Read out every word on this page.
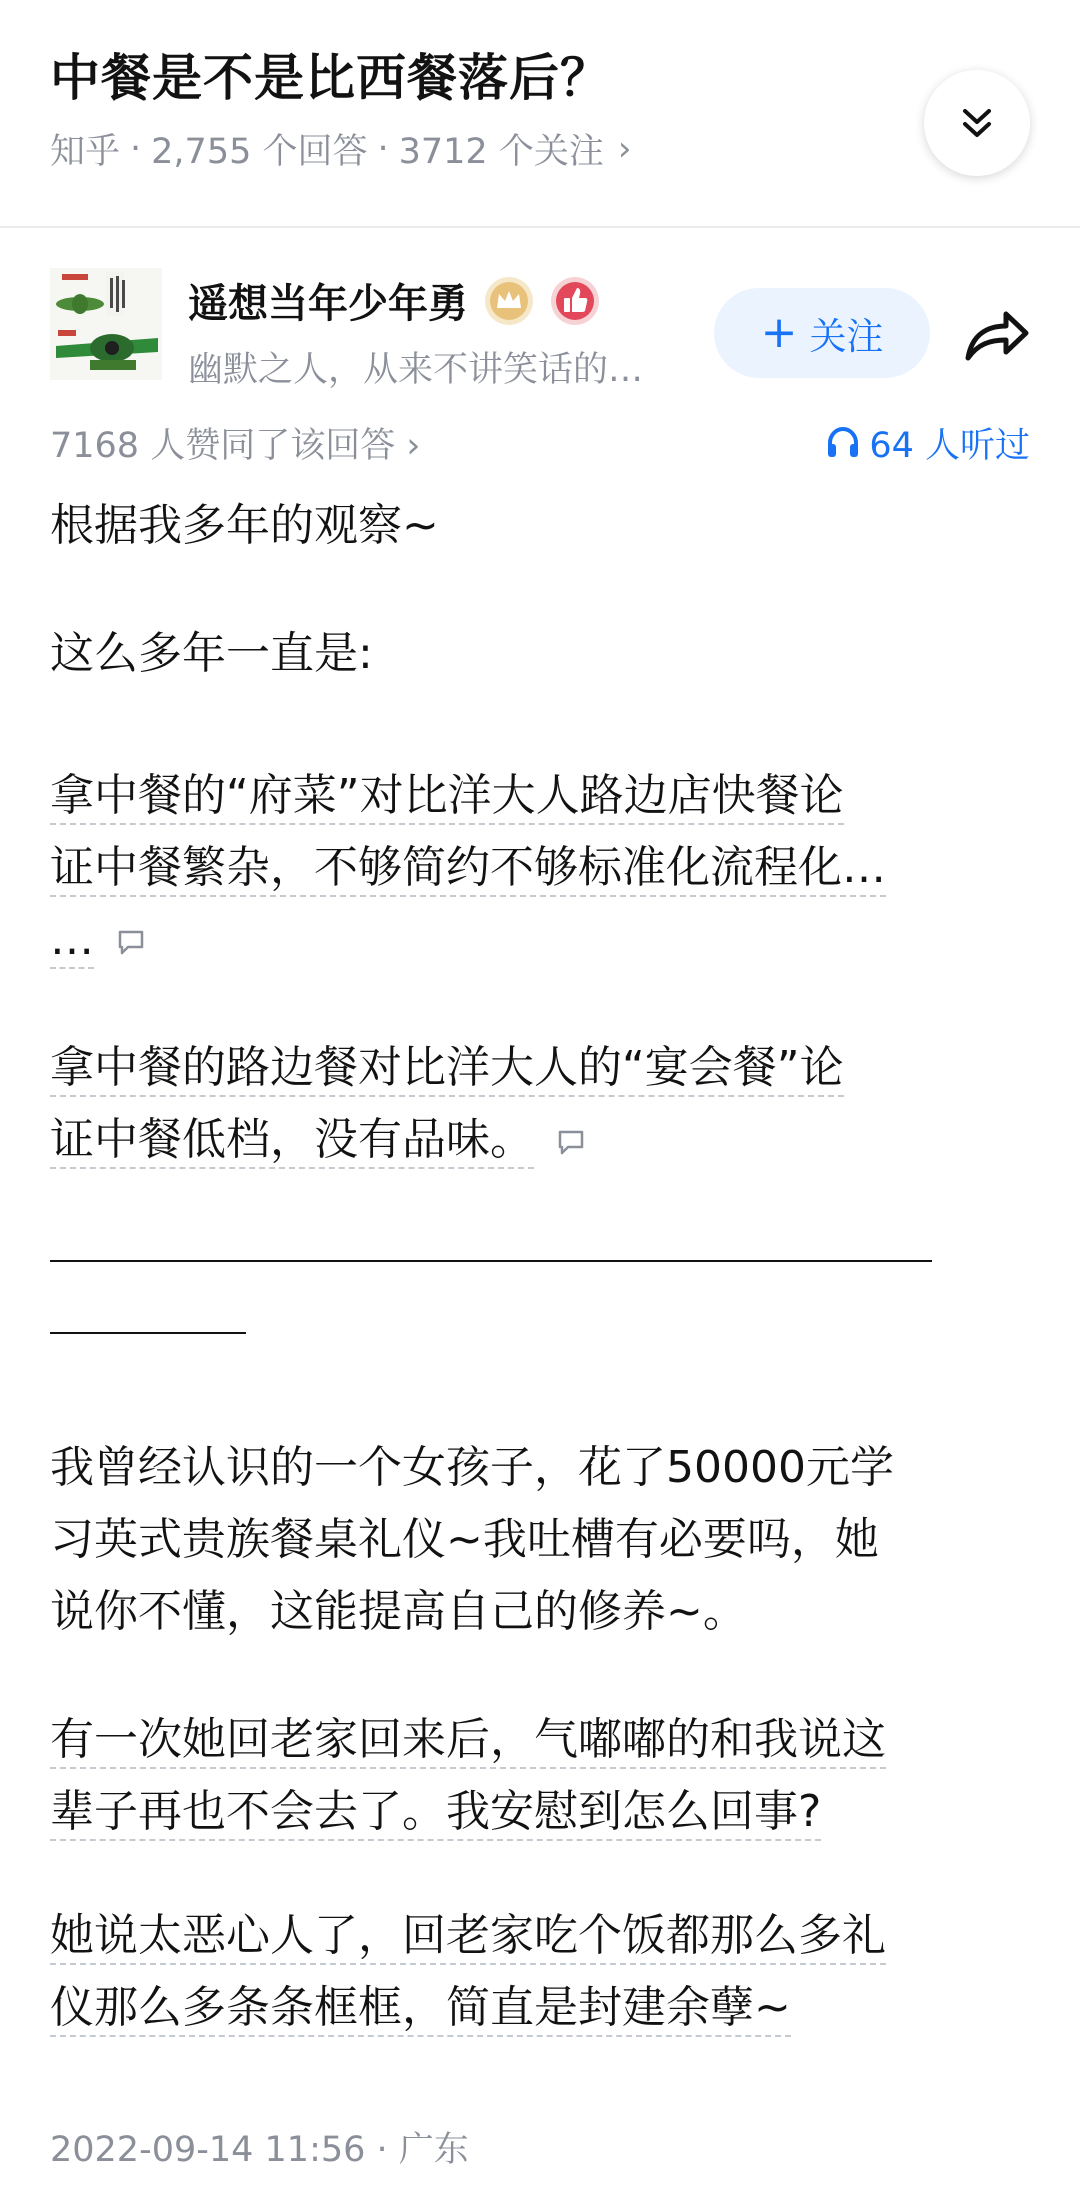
中餐是不是比西餐落后？
知乎 · 2,755 个回答 · 3712 个关注 ›
遥想当年少年勇
幽默之人，从来不讲笑话的…
+ 关注
7168 人赞同了该回答 ›	64 人听过

根据我多年的观察~

这么多年一直是:

拿中餐的“府菜”对比洋大人路边店快餐论
证中餐繁杂，不够简约不够标准化流程化…
…

拿中餐的路边餐对比洋大人的“宴会餐”论
证中餐低档，没有品味。

我曾经认识的一个女孩子，花了50000元学
习英式贵族餐桌礼仪~我吐槽有必要吗，她
说你不懂，这能提高自己的修养~。

有一次她回老家回来后，气嘟嘟的和我说这
辈子再也不会去了。我安慰到怎么回事?

她说太恶心人了，回老家吃个饭都那么多礼
仪那么多条条框框，简直是封建余孽~

2022-09-14 11:56 · 广东
